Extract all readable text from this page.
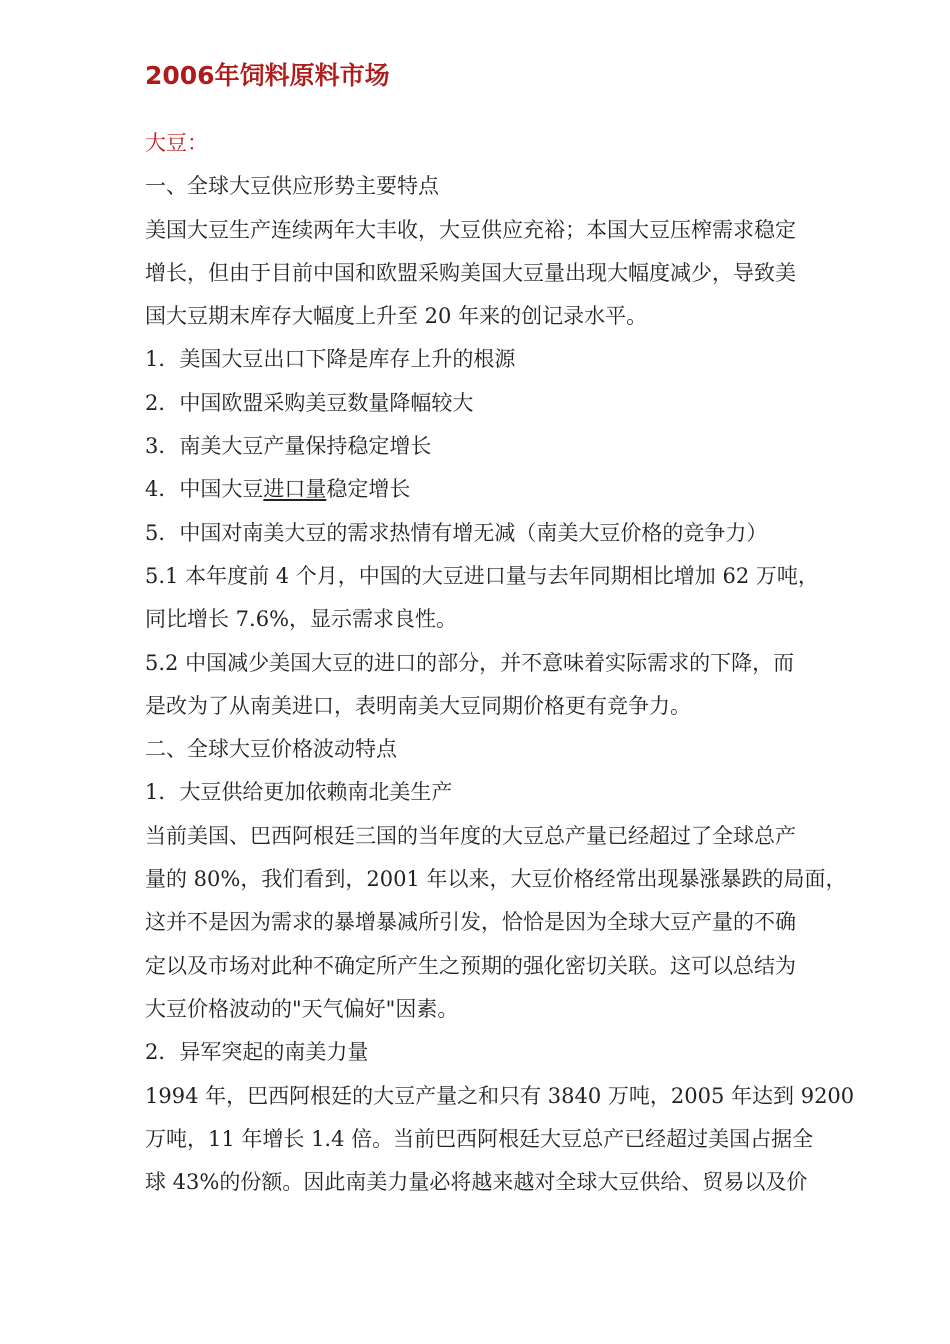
2006年饲料原料市场

大豆：

一、全球大豆供应形势主要特点

美国大豆生产连续两年大丰收，大豆供应充裕；本国大豆压榨需求稳定

增长，但由于目前中国和欧盟采购美国大豆量出现大幅度减少，导致美

国大豆期末库存大幅度上升至 20 年来的创记录水平。

1．美国大豆出口下降是库存上升的根源

2．中国欧盟采购美豆数量降幅较大

3．南美大豆产量保持稳定增长

4．中国大豆进口量稳定增长

5．中国对南美大豆的需求热情有增无减（南美大豆价格的竞争力）

5.1 本年度前 4 个月，中国的大豆进口量与去年同期相比增加 62 万吨，

同比增长 7.6%，显示需求良性。

5.2 中国减少美国大豆的进口的部分，并不意味着实际需求的下降，而

是改为了从南美进口，表明南美大豆同期价格更有竞争力。

二、全球大豆价格波动特点

1．大豆供给更加依赖南北美生产

当前美国、巴西阿根廷三国的当年度的大豆总产量已经超过了全球总产

量的 80%，我们看到，2001 年以来，大豆价格经常出现暴涨暴跌的局面，

这并不是因为需求的暴增暴减所引发，恰恰是因为全球大豆产量的不确

定以及市场对此种不确定所产生之预期的强化密切关联。这可以总结为

大豆价格波动的"天气偏好"因素。

2．异军突起的南美力量

1994 年，巴西阿根廷的大豆产量之和只有 3840 万吨，2005 年达到 9200

万吨，11 年增长 1.4 倍。当前巴西阿根廷大豆总产已经超过美国占据全

球 43%的份额。因此南美力量必将越来越对全球大豆供给、贸易以及价
